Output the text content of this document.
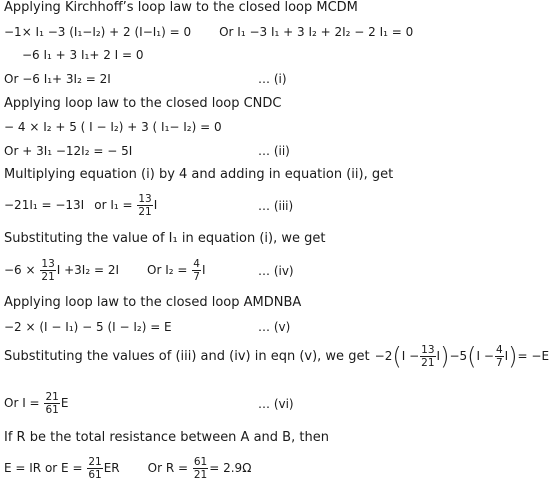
Applying Kirchhoff’s loop law to the closed loop MCDM
−1× I₁ −3 (I₁−I₂) + 2 (I−I₁) = 0 Or I₁ −3 I₁ + 3 I₂ + 2I₂ − 2 I₁ = 0
−6 I₁ + 3 I₁+ 2 I = 0
Or −6 I₁+ 3I₂ = 2I	… (i)
Applying loop law to the closed loop CNDC
− 4 × I₂ + 5 ( I − I₂) + 3 ( I₁− I₂) = 0
Or + 3I₁ −12I₂ = − 5I	… (ii)
Multiplying equation (i) by 4 and adding in equation (ii), get
−21I₁ = −13I or $I_1 = \frac{13}{21}$ I	… (iii)
Substituting the value of I₁ in equation (i), we get
$-6 \times \frac{13}{21}$ I +3I₂ = 2I Or $I_2 = \frac{4}{7}$ I	… (iv)
Applying loop law to the closed loop AMDNBA
−2 × (I − I₁) − 5 (I − I₂) = E	… (v)
Substituting the values of (iii) and (iv) in eqn (v), we get $-2(I - \frac{13}{21} I)-5(I - \frac{4}{7} I)= -E$
Or $I = \frac{21}{61}$ E	… (vi)
If R be the total resistance between A and B, then
E = IR or $E = \frac{21}{61}$ ER Or $R = \frac{61}{21} = 2.9\Omega$
